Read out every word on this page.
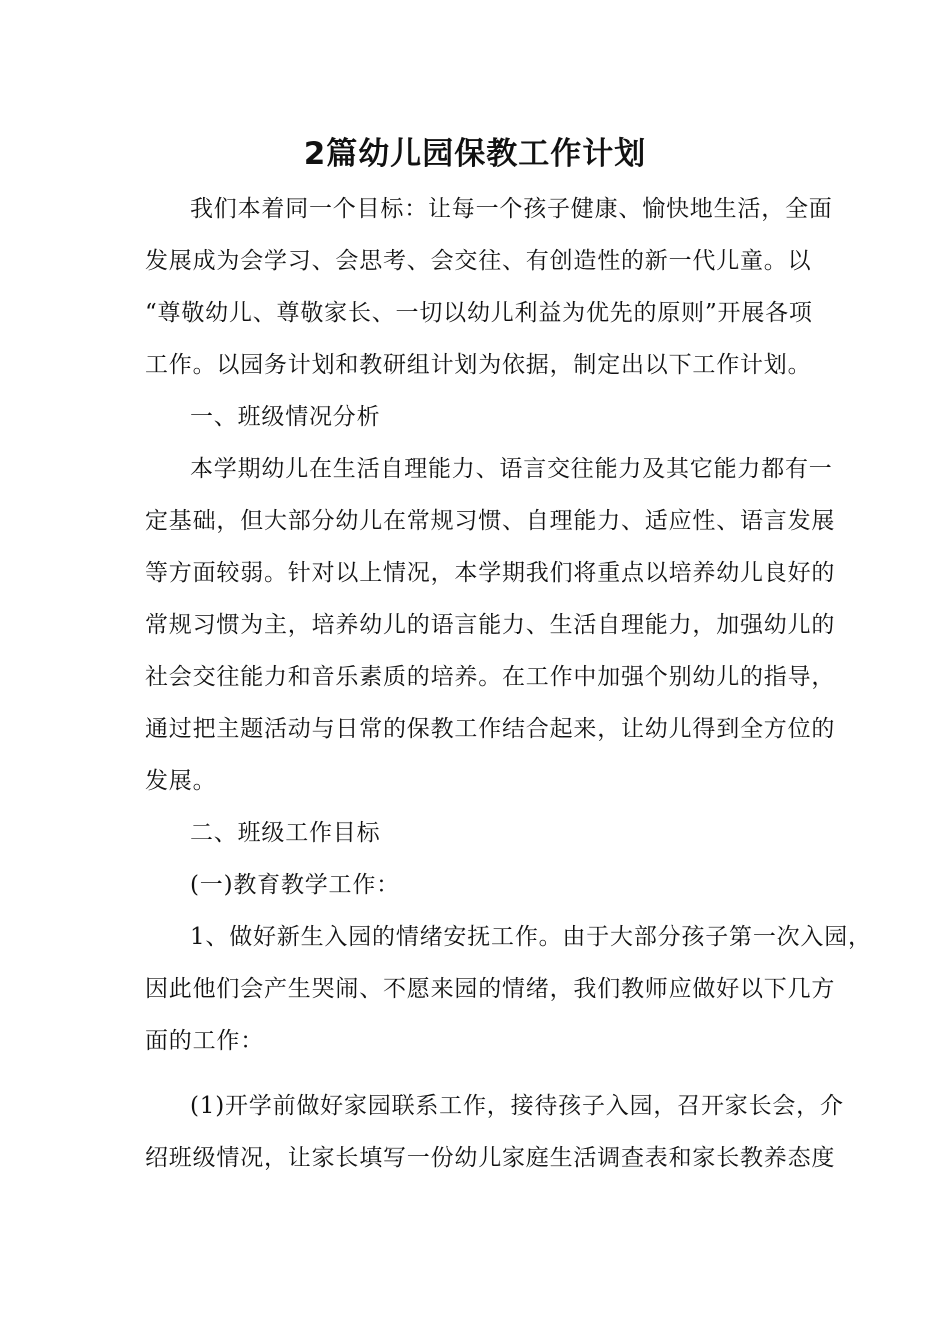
2篇幼儿园保教工作计划
我们本着同一个目标：让每一个孩子健康、愉快地生活，全面
发展成为会学习、会思考、会交往、有创造性的新一代儿童。以
“尊敬幼儿、尊敬家长、一切以幼儿利益为优先的原则”开展各项
工作。以园务计划和教研组计划为依据，制定出以下工作计划。
一、班级情况分析
本学期幼儿在生活自理能力、语言交往能力及其它能力都有一
定基础，但大部分幼儿在常规习惯、自理能力、适应性、语言发展
等方面较弱。针对以上情况，本学期我们将重点以培养幼儿良好的
常规习惯为主，培养幼儿的语言能力、生活自理能力，加强幼儿的
社会交往能力和音乐素质的培养。在工作中加强个别幼儿的指导，
通过把主题活动与日常的保教工作结合起来，让幼儿得到全方位的
发展。
二、班级工作目标
(一)教育教学工作：
1、做好新生入园的情绪安抚工作。由于大部分孩子第一次入园，
因此他们会产生哭闹、不愿来园的情绪，我们教师应做好以下几方
面的工作：
(1)开学前做好家园联系工作，接待孩子入园，召开家长会，介
绍班级情况，让家长填写一份幼儿家庭生活调查表和家长教养态度
